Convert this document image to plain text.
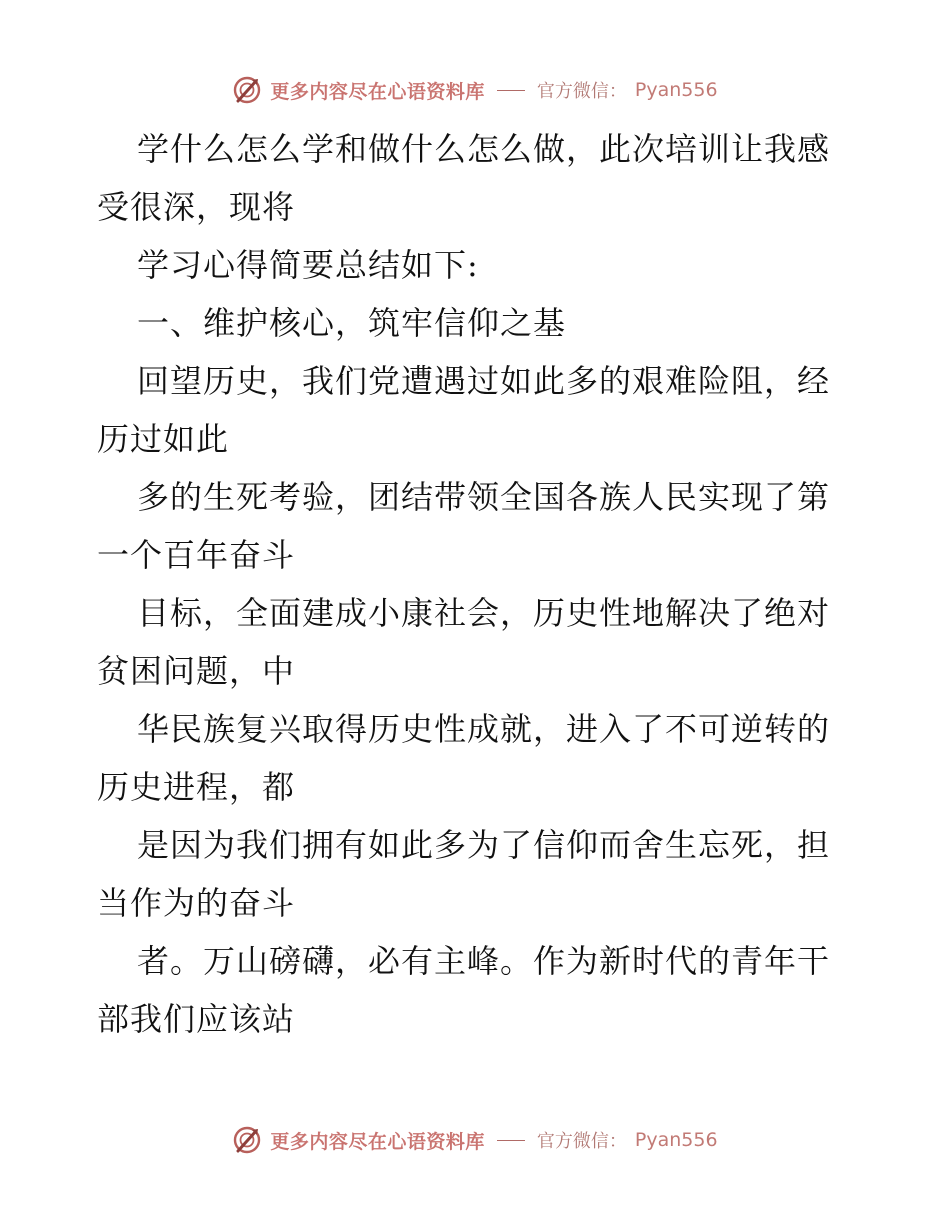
更多内容尽在心语资料库	官方微信： Pyan556
学什么怎么学和做什么怎么做，此次培训让我感
受很深，现将
学习心得简要总结如下:
一、维护核心，筑牢信仰之基
回望历史，我们党遭遇过如此多的艰难险阻，经
历过如此
多的生死考验，团结带领全国各族人民实现了第
一个百年奋斗
目标，全面建成小康社会，历史性地解决了绝对
贫困问题，中
华民族复兴取得历史性成就，进入了不可逆转的
历史进程，都
是因为我们拥有如此多为了信仰而舍生忘死，担
当作为的奋斗
者。万山磅礴，必有主峰。作为新时代的青年干
部我们应该站
更多内容尽在心语资料库	官方微信： Pyan556
